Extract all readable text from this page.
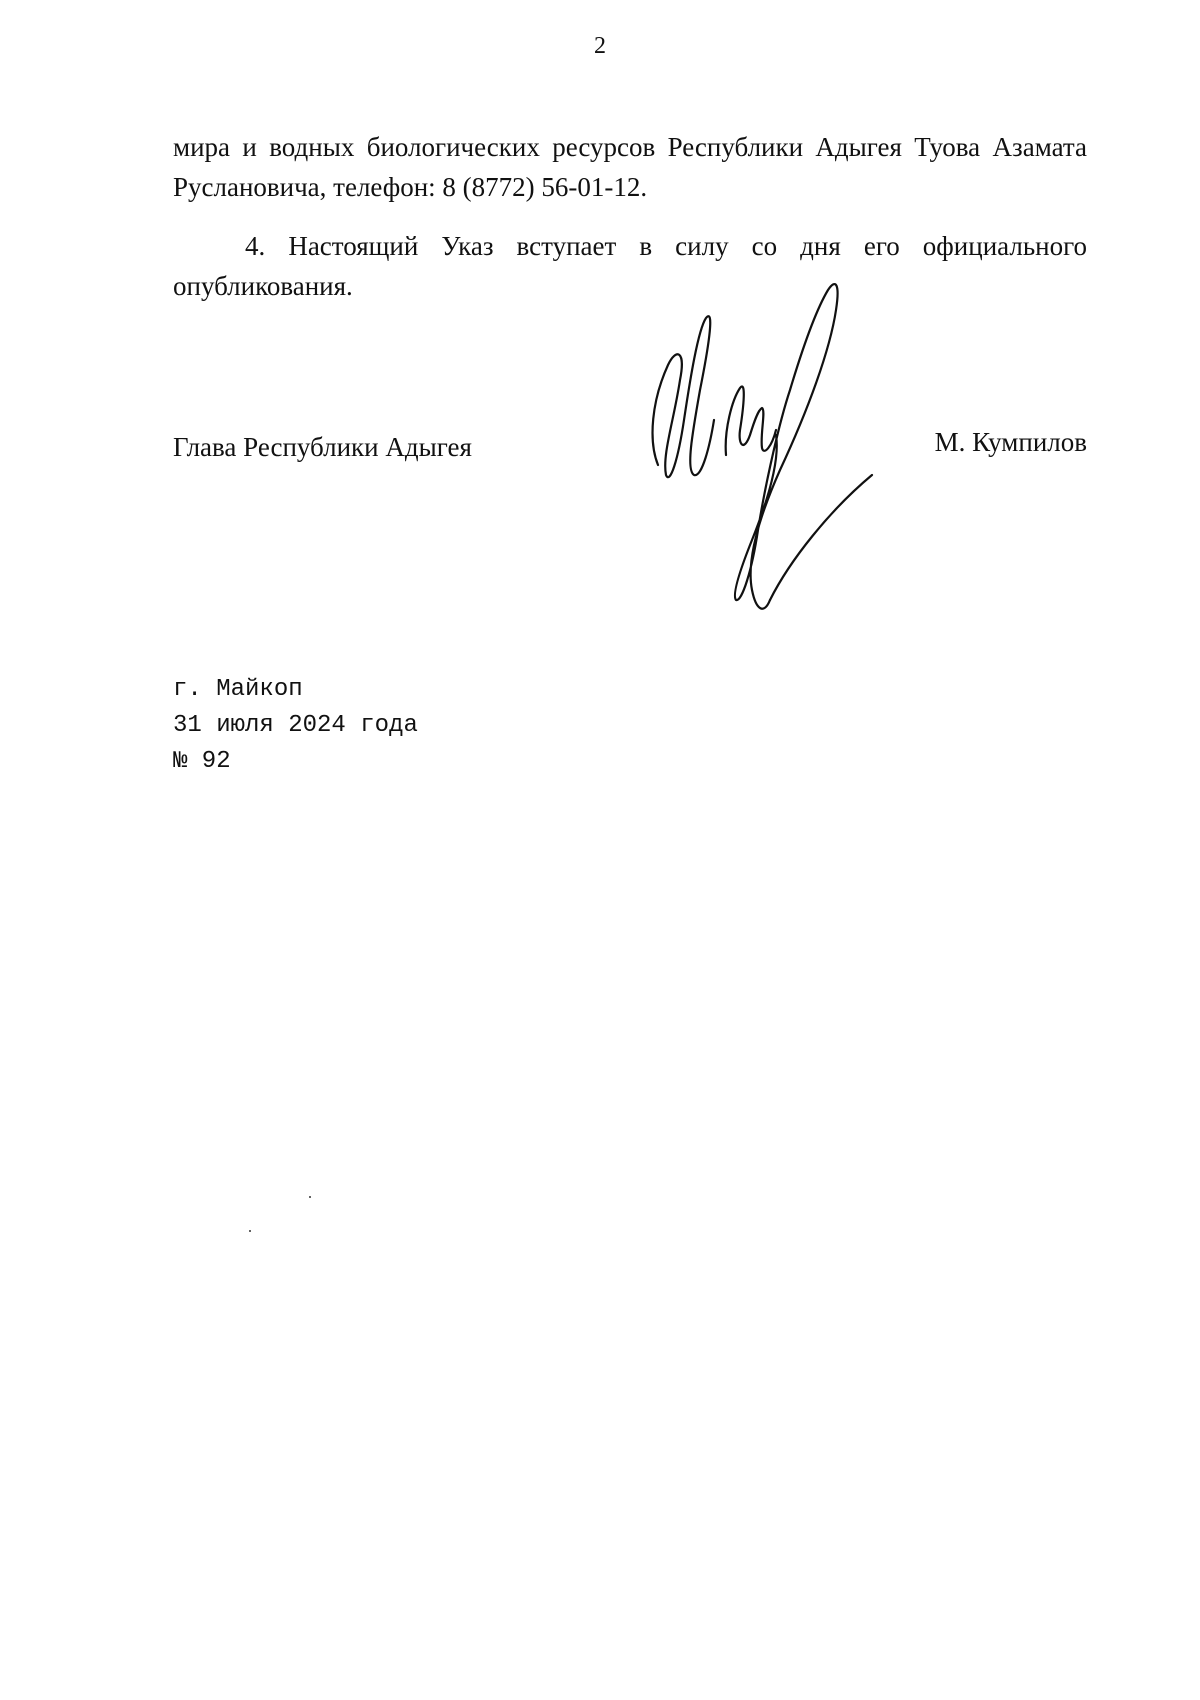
2

мира и водных биологических ресурсов Республики Адыгея Туова Азамата Руслановича, телефон: 8 (8772) 56-01-12.

4. Настоящий Указ вступает в силу со дня его официального опубликования.

Глава Республики Адыгея	М. Кумпилов
г. Майкоп
31 июля 2024 года
№ 92
